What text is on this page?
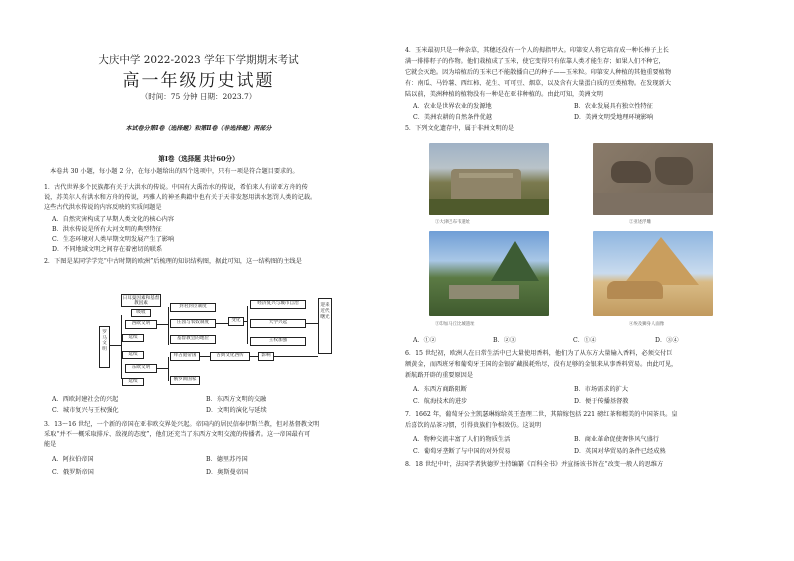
大庆中学 2022-2023 学年下学期期末考试
高一年级历史试题
（时间：75 分钟 日期：2023.7）
本试卷分第Ⅰ卷（选择题）和第Ⅱ卷（非选择题）两部分
第Ⅰ卷（选择题 共计60分）
本卷共 30 小题，每小题 2 分，在每小题给出的四个选项中，只有一项是符合题目要求的。
1．古代世界多个民族都有关于大洪水的传说。中国有大禹治水的传说，希伯来人有诺亚方舟的传
说，苏美尔人有洪水和方舟的传说，玛雅人的神圣典籍中也有关于天非发怒用洪水惩罚人类的记载。
这些古代洪水传说的内容反映的实质问题是
A．自然灾害构成了早期人类文化的核心内容
B．洪水传说是所有大河文明的典型特征
C．生态环境对人类早期文明发展产生了影响
D．不同地域文明之间存在着密切的联系
2．下图是某同学学完“中古时期的欧洲”后梳理的知识结构图，据此可知，这一结构图的主线是
罗马文明
日耳曼因素和基督教因素
吸收
西欧文明
延续
延续
东欧文明
延续
封君封臣制度
庄园与农奴制度
基督教会的地位
变化
经济复兴与城市自治
大学兴起
王权加强
迎来近代曙光
拜占庭帝国
俄罗斯国家
古典文化西传	影响
A．西欧封建社会的兴起	B．东西方文明的交融
C．城市复兴与王权强化	D．文明的演化与延续
3．13～16 世纪，一个新的帝国在亚非欧交界处兴起。帝国内的居民信奉伊斯兰教，但对基督教文明
采取“并不一概采取排斥、敌视的态度”，他们还充当了东西方文明交流的传播者。这一帝国最有可
能是
A．阿拉伯帝国	B．德里苏丹国
C．俄罗斯帝国	D．奥斯曼帝国
4．玉米最初只是一种杂草，其穗还没有一个人的拇指甲大。印第安人将它培育成一种长棒子上长
满一排排籽子的作物。他们栽植成了玉米，使它变得只有依靠人类才能生存；如果人们不种它，
它就会灭绝。因为培植后的玉米已不能散播自己的种子——玉米粒。印第安人种植的其他重要植物
有：南瓜、马铃薯、西红柿、花生、可可豆、烟草，以及含有大量蛋白质的豆类植物。在发现新大
陆以前，美洲种植的植物没有一种是在亚非种植的。由此可知，美洲文明
A．农业是世界农业的发源地	B．农业发展具有独立性特征
C．美洲农耕的自然条件优越	D．美洲文明受地理环境影响
5．下列文化遗存中，属于非洲文明的是
①大津巴布韦遗址	②亚述浮雕
③印加马丘比城遗址	④埃及狮身人面像
A．①②	B．②③	C．①④	D．③④
6．15 世纪初，欧洲人在日常生活中已大量使用香料，他们为了从东方大量输入香料，必须交付巨
额黄金，而西班牙和葡萄牙王国的金银矿藏损耗殆尽，没有足够的金银来从事香料贸易。由此可见，
新航路开辟的重要原因是
A．东西方商路阻断	B．市场需求的扩大
C．航海技术的进步	D．便于传播基督教
7．1662 年，葡萄牙公主凯瑟琳嫁给英王查理二世，其陪嫁包括 221 磅红茶和精美的中国茶具。皇
后喜饮的品茶习惯，引得贵族们争相效仿。这说明
A．物种交流丰富了人们的物质生活	B．商业革命促使奢侈风气盛行
C．葡萄牙垄断了与中国的对外贸易	D．英国对华贸易的条件已经成熟
8．18 世纪中叶，法国学者狄德罗主持编纂《百科全书》并宣扬该书旨在“改变一般人的思维方
